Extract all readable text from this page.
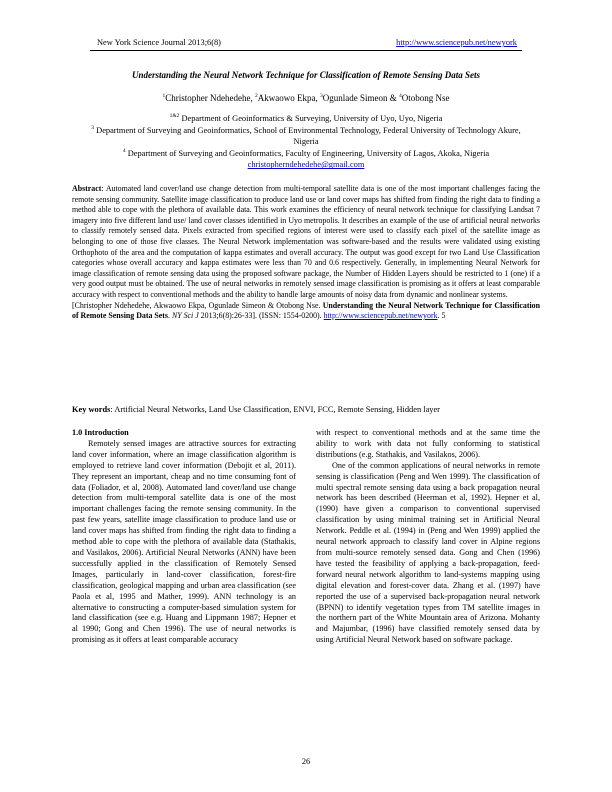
New York Science Journal 2013;6(8)	http://www.sciencepub.net/newyork
Understanding the Neural Network Technique for Classification of Remote Sensing Data Sets
$^1$Christopher Ndehedehe, $^2$Akwaowo Ekpa, $^3$Ogunlade Simeon & $^4$Otobong Nse

$^{1\&2}$ Department of Geoinformatics & Surveying, University of Uyo, Uyo, Nigeria

$^3$ Department of Surveying and Geoinformatics, School of Environmental Technology, Federal University of Technology Akure, Nigeria

$^4$ Department of Surveying and Geoinformatics, Faculty of Engineering, University of Lagos, Akoka, Nigeria

christopherndehedehe@gmail.com

Abstract: Automated land cover/land use change detection from multi-temporal satellite data is one of the most important challenges facing the remote sensing community. Satellite image classification to produce land use or land cover maps has shifted from finding the right data to finding a method able to cope with the plethora of available data. This work examines the efficiency of neural network technique for classifying Landsat 7 imagery into five different land use/ land cover classes identified in Uyo metropolis. It describes an example of the use of artificial neural networks to classify remotely sensed data. Pixels extracted from specified regions of interest were used to classify each pixel of the satellite image as belonging to one of those five classes. The Neural Network implementation was software-based and the results were validated using existing Orthophoto of the area and the computation of kappa estimates and overall accuracy. The output was good except for two Land Use Classification categories whose overall accuracy and kappa estimates were less than 70 and 0.6 respectively. Generally, in implementing Neural Network for image classification of remote sensing data using the proposed software package, the Number of Hidden Layers should be restricted to 1 (one) if a very good output must be obtained. The use of neural networks in remotely sensed image classification is promising as it offers at least comparable accuracy with respect to conventional methods and the ability to handle large amounts of noisy data from dynamic and nonlinear systems.

[Christopher Ndehedehe, Akwaowo Ekpa, Ogunlade Simeon & Otobong Nse. Understanding the Neural Network Technique for Classification of Remote Sensing Data Sets. NY Sci J 2013;6(8):26-33]. (ISSN: 1554-0200). http://www.sciencepub.net/newyork. 5

Key words: Artificial Neural Networks, Land Use Classification, ENVI, FCC, Remote Sensing, Hidden layer

1.0 Introduction

Remotely sensed images are attractive sources for extracting land cover information, where an image classification algorithm is employed to retrieve land cover information (Debojit et al, 2011). They represent an important, cheap and no time consuming font of data (Foliador, et al, 2008). Automated land cover/land use change detection from multi-temporal satellite data is one of the most important challenges facing the remote sensing community. In the past few years, satellite image classification to produce land use or land cover maps has shifted from finding the right data to finding a method able to cope with the plethora of available data (Stathakis, and Vasilakos, 2006). Artificial Neural Networks (ANN) have been successfully applied in the classification of Remotely Sensed Images, particularly in land-cover classification, forest-fire classification, geological mapping and urban area classification (see Paola et al, 1995 and Mather, 1999). ANN technology is an alternative to constructing a computer-based simulation system for land classification (see e.g. Huang and Lippmann 1987; Hepner et al 1990; Gong and Chen 1996). The use of neural networks is promising as it offers at least comparable accuracy

with respect to conventional methods and at the same time the ability to work with data not fully conforming to statistical distributions (e.g. Stathakis, and Vasilakos, 2006).

One of the common applications of neural networks in remote sensing is classification (Peng and Wen 1999). The classification of multi spectral remote sensing data using a back propagation neural network has been described (Heerman et al, 1992). Hepner et al, (1990) have given a comparison to conventional supervised classification by using minimal training set in Artificial Neural Network. Peddle et al. (1994) in (Peng and Wen 1999) applied the neural network approach to classify land cover in Alpine regions from multi-source remotely sensed data. Gong and Chen (1996) have tested the feasibility of applying a back-propagation, feed-forward neural network algorithm to land-systems mapping using digital elevation and forest-cover data. Zhang et al. (1997) have reported the use of a supervised back-propagation neural network (BPNN) to identify vegetation types from TM satellite images in the northern part of the White Mountain area of Arizona. Mohanty and Majumbar, (1996) have classified remotely sensed data by using Artificial Neural Network based on software package.

26
